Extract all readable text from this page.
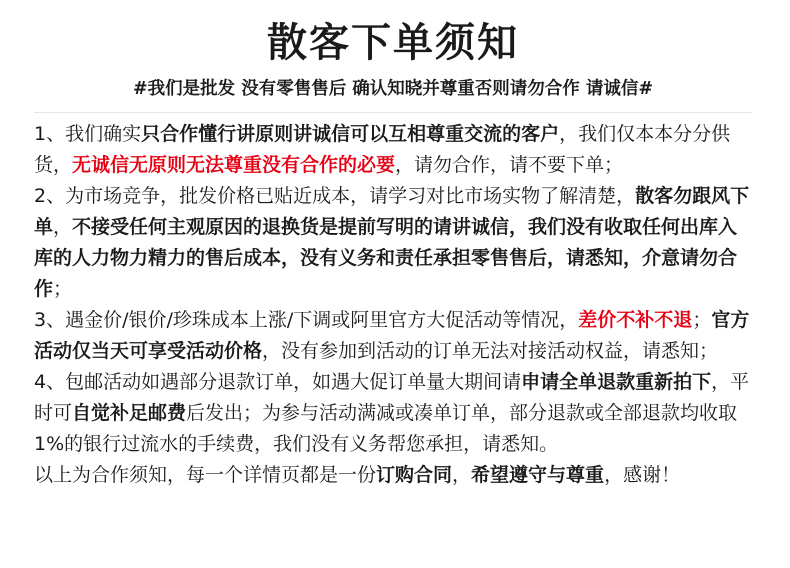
散客下单须知

#我们是批发 没有零售售后 确认知晓并尊重否则请勿合作 请诚信#

1、我们确实只合作懂行讲原则讲诚信可以互相尊重交流的客户，我们仅本本分分供货，无诚信无原则无法尊重没有合作的必要，请勿合作，请不要下单；

2、为市场竞争，批发价格已贴近成本，请学习对比市场实物了解清楚，散客勿跟风下单，不接受任何主观原因的退换货是提前写明的请讲诚信，我们没有收取任何出库入库的人力物力精力的售后成本，没有义务和责任承担零售售后，请悉知，介意请勿合作；

3、遇金价/银价/珍珠成本上涨/下调或阿里官方大促活动等情况，差价不补不退；官方活动仅当天可享受活动价格，没有参加到活动的订单无法对接活动权益，请悉知；

4、包邮活动如遇部分退款订单，如遇大促订单量大期间请申请全单退款重新拍下，平时可自觉补足邮费后发出；为参与活动满减或凑单订单，部分退款或全部退款均收取1%的银行过流水的手续费，我们没有义务帮您承担，请悉知。

以上为合作须知，每一个详情页都是一份订购合同，希望遵守与尊重，感谢！
